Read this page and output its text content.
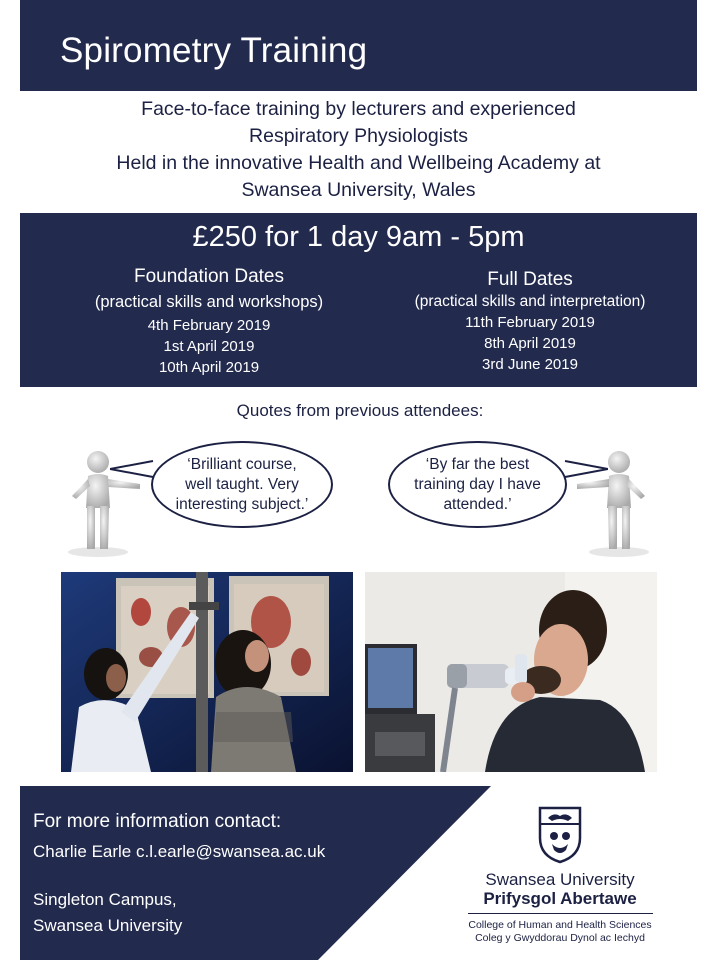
Spirometry Training
Face-to-face training by lecturers and experienced
Respiratory Physiologists
Held in the innovative Health and Wellbeing Academy at
Swansea University, Wales
£250 for 1 day 9am - 5pm
Foundation Dates
(practical skills and workshops)
4th February 2019
1st April 2019
10th April 2019
Full Dates
(practical skills and interpretation)
11th February 2019
8th April 2019
3rd June 2019
Quotes from previous attendees:
‘Brilliant course,
well taught. Very
interesting subject.’
‘By far the best
training day I have
attended.’
For more information contact:
Charlie Earle c.l.earle@swansea.ac.uk
Singleton Campus,
Swansea University
Swansea University
Prifysgol Abertawe
College of Human and Health Sciences
Coleg y Gwyddorau Dynol ac Iechyd
